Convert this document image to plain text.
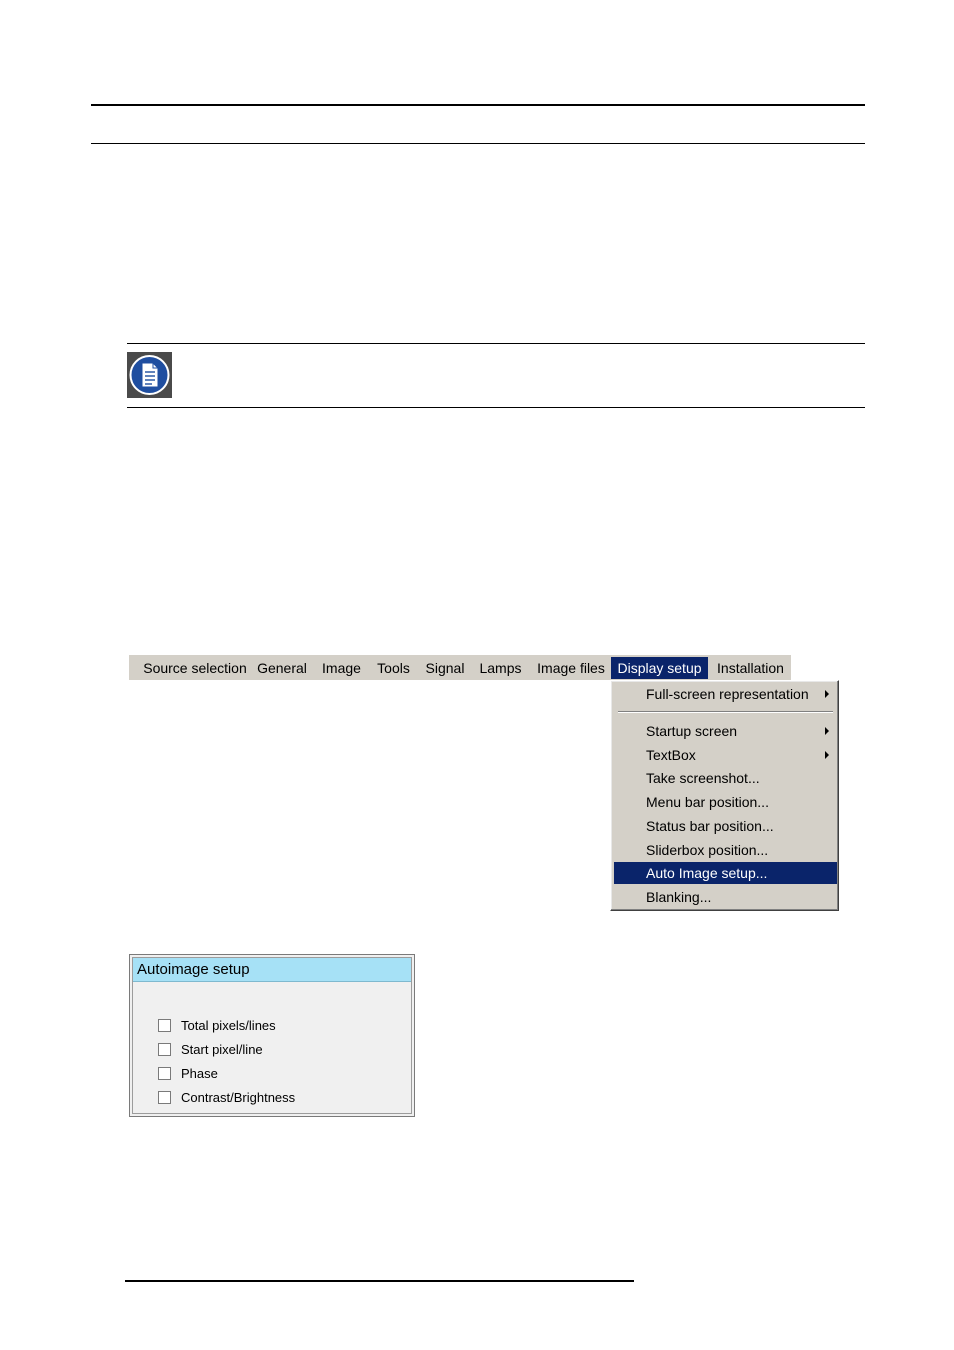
Source selection General Image Tools	Signal	Lamps	Image files Display setup	Installation
Full-screen representation
Startup screen
TextBox
Take screenshot...
Menu bar position...
Status bar position...
Sliderbox position...
Auto Image setup...
Blanking...
Autoimage setup
Total pixels/lines
Start pixel/line
Phase
Contrast/Brightness
